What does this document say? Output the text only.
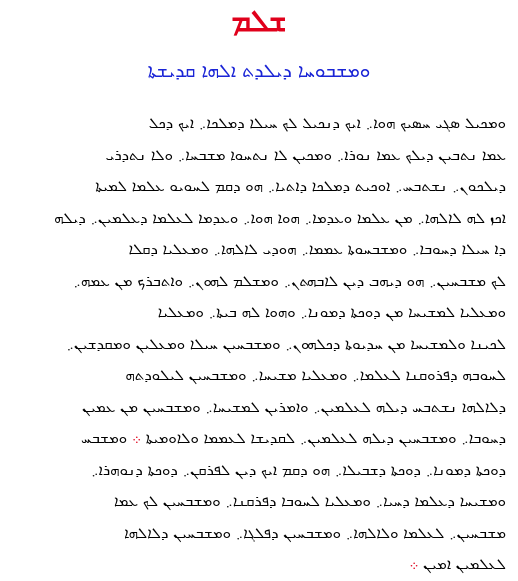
ܫܠܡ
ܘܡܫܒܘܚܐ ܕܝܠܕܬ ܐܠܗܐ ܩܕܝܫܬܐ
ܘܡܟܝܠ ܣܓܝ ܚܣܝܟ ܗܘܐ܇ ܐܝܟ ܕܢܟܝܠ ܠܟ ܚܝܠܐ ܕܡܠܟܐ܇ ܐܝܟ ܕܟܠ
ܥܡܐ ܢܬܒܝܢ ܕܝܠܟ ܥܡܐ ܢܘܪܐ܇ ܘܡܟܝܢ ܠܐ ܢܬܚܘܐ ܡܫܒܚܐ܇ ܘܠܐ ܢܬܕܪܝ
ܕܝܠܟܘܢ܇ ܢܫܬܒܚ܇ ܐܘܟܝܬ ܕܡܠܟܐ ܕܐܬܝܐ܇ ܗܘ ܕܩܡ ܠܚܘܝܘ ܥܠܡܐ ܠܡܝܬܐ
ܐܟܙ ܠܗ ܠܐܠܗܐ܇ ܡܢ ܥܠܡܐ ܘܥܕܡܐ܇ ܗܘܐ ܗܘܐ܇ ܘܥܕܡܐ ܠܥܠܡܐ ܕܥܠܡܝܢ܇ ܕܝܠܗ
ܕܐ ܚܝܠܐ ܕܚܘܒܐ܇ ܘܡܫܒܚܘܬܐ ܥܡܡܐ܇ ܗܘܕܝ ܠܐܠܗܐ܇ ܘܡܥܠܝܐ ܕܩܠܐ
ܠܟ ܡܫܒܚܝܢ܇ ܗܘ ܕܝܗܒ ܕܝܢ ܠܐܒܗܬܢ܇ ܘܡܫܠܡ ܠܗܘܢ܇ ܘܐܬܒܪܟ ܡܢ ܥܡܗ܇
ܘܡܥܠܝܐ ܠܡܫܝܚܐ ܡܢ ܕܘܟܬܐ ܕܡܘܢܐ܇ ܘܗܘܐ ܠܗ ܒܝܬܐ܇ ܘܡܥܠܝܐ
ܠܟܝܢܐ ܘܠܡܫܝܚܐ ܡܢ ܚܕܝܘܬܐ ܕܟܠܗܘܢ܇ ܘܡܫܒܚܝܢ ܚܝܠܐ ܘܡܥܠܝܢ ܘܡܩܕܫܝܢ܇
ܠܚܘܒܗ ܕܦܪܘܩܢܐ ܠܥܠܡܐ܇ ܘܡܥܠܝܐ ܡܫܝܚܐ܇ ܘܡܫܒܚܝܢ ܠܝܠܘܕܬܗ
ܕܠܐܠܗܐ ܢܫܬܒܚ ܕܝܠܗ ܠܥܠܡܝܢ܇ ܘܐܡܪܝܢ ܠܡܫܝܚܐ܇ ܘܡܫܒܚܝܢ ܡܢ ܥܡܝܢ
ܕܚܘܒܐ܇ ܘܡܫܒܚܝܢ ܕܝܠܗ ܠܥܠܡܝܢ܇ ܠܩܕܝܫܐ ܠܥܡܡܐ ܘܠܐܘܡܝܬܐ ܀ ܘܡܫܒܚ
ܕܘܟܬܐ ܕܡܘܢܐ܇ ܕܘܟܬܐ ܕܫܒܝܠܐ܇ ܗܘ ܕܩܡ ܐܝܟ ܕܝܢ ܠܦܪܩܢ܇ ܕܘܟܬܐ ܕܢܘܗܪܐ܇
ܘܡܫܝܚܐ ܕܥܠܡܐ ܕܚܝܐ܇ ܘܡܥܠܝܐ ܠܚܘܒܐ ܕܦܪܩܢܐ܇ ܘܡܫܒܚܝܢ ܠܟ ܥܡܐ
ܡܫܒܚܝܢ܇ ܠܥܠܡܐ ܘܠܐܠܗܐ܇ ܘܡܫܒܚܝܢ ܕܦܠܓܐ܇ ܘܡܫܒܚܝܢ ܕܠܐܠܗܐ
ܠܥܠܡܝܢ ܐܡܝܢ ܀
